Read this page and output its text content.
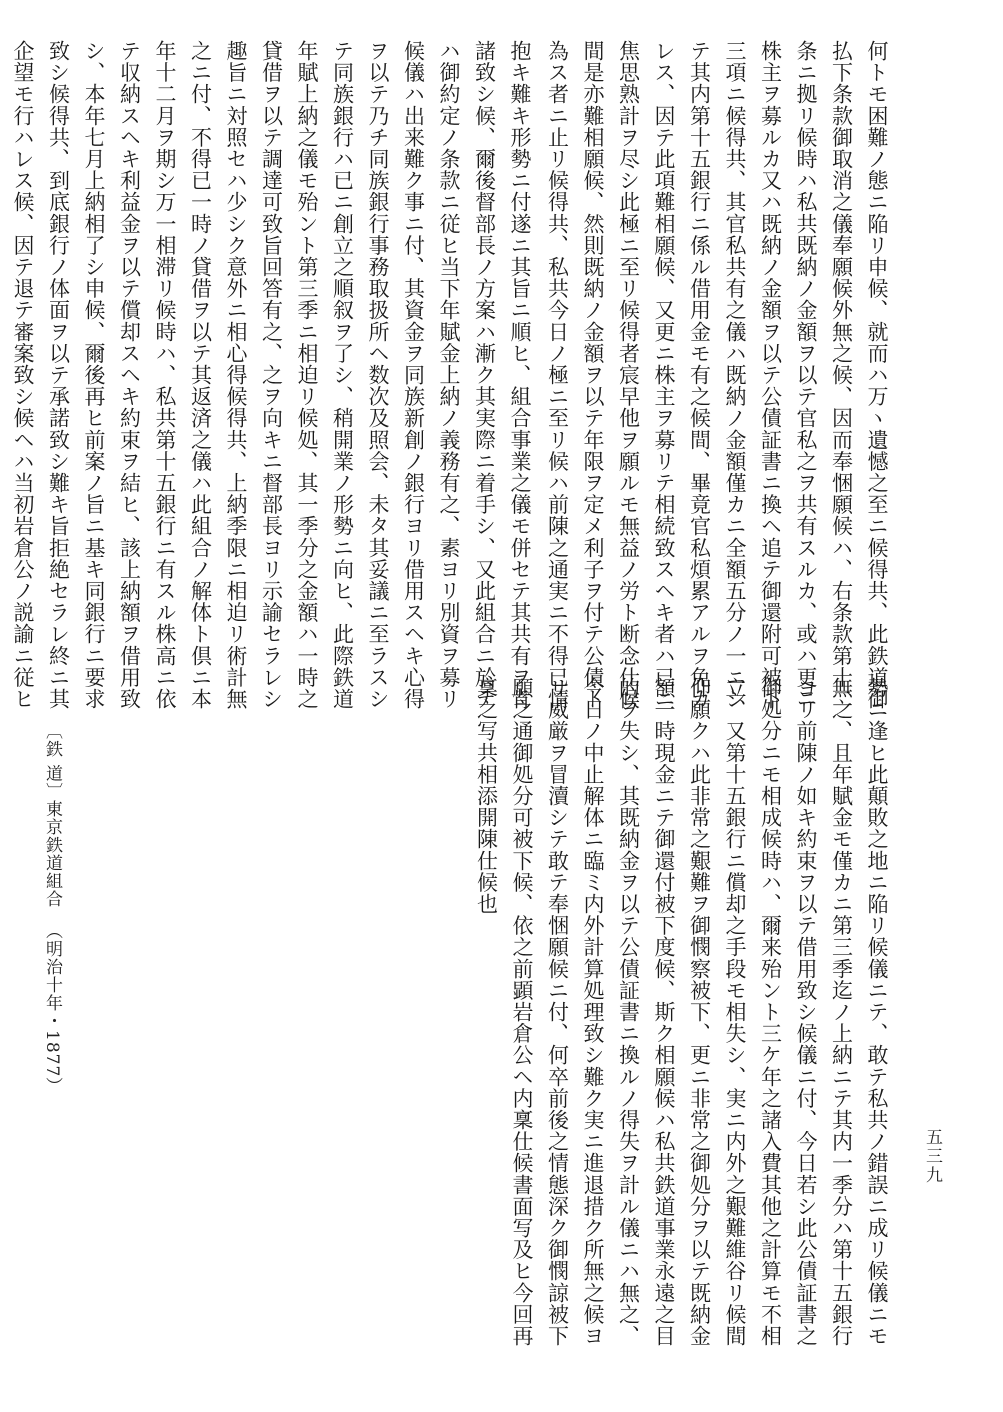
〔鉄 道〕
東京鉄道組合
（明治十年・1877）
五三九
何トモ困難ノ態ニ陥リ申候、就而ハ万ヽ遺憾之至ニ候得共、此鉄道御
払下条款御取消之儀奉願候外無之候、因而奉悃願候ハ、右条款第十二
条ニ拠リ候時ハ私共既納ノ金額ヲ以テ官私之ヲ共有スルカ、或ハ更ニ
株主ヲ募ルカ又ハ既納ノ金額ヲ以テ公債証書ニ換ヘ追テ御還附可被下
三項ニ候得共、其官私共有之儀ハ既納ノ金額僅カニ全額五分ノ一ニシ
テ其内第十五銀行ニ係ル借用金モ有之候間、畢竟官私煩累アルヲ免カ
レス、因テ此項難相願候、又更ニ株主ヲ募リテ相続致スヘキ者ハ已ニ
焦思熟計ヲ尽シ此極ニ至リ候得者宸早他ヲ願ルモ無益ノ労ト断念仕候
間是亦難相願候、然則既納ノ金額ヲ以テ年限ヲ定メ利子ヲ付テ公債ト
為ス者ニ止リ候得共、私共今日ノ極ニ至リ候ハ前陳之通実ニ不得已情
抱キ難キ形勢ニ付遂ニ其旨ニ順ヒ、組合事業之儀モ併セテ其共有ヲ肯
諸致シ候、爾後督部長ノ方案ハ漸ク其実際ニ着手シ、又此組合ニ於テ
ハ御約定ノ条款ニ従ヒ当下年賦金上納ノ義務有之、素ヨリ別資ヲ募リ
候儀ハ出来難ク事ニ付、其資金ヲ同族新創ノ銀行ヨリ借用スヘキ心得
ヲ以テ乃チ同族銀行事務取扱所ヘ数次及照会、未タ其妥議ニ至ラスシ
テ同族銀行ハ已ニ創立之順叙ヲ了シ、稍開業ノ形勢ニ向ヒ、此際鉄道
年賦上納之儀モ殆ント第三季ニ相迫リ候処、其一季分之金額ハ一時之
貸借ヲ以テ調達可致旨回答有之、之ヲ向キニ督部長ヨリ示諭セラレシ
趣旨ニ対照セハ少シク意外ニ相心得候得共、上納季限ニ相迫リ術計無
之ニ付、不得已一時ノ貸借ヲ以テ其返済之儀ハ此組合ノ解体ト倶ニ本
年十二月ヲ期シ万一相滞リ候時ハ、私共第十五銀行ニ有スル株高ニ依
テ収納スヘキ利益金ヲ以テ償却スヘキ約束ヲ結ヒ、該上納額ヲ借用致
シ、本年七月上納相了シ申候、爾後再ヒ前案ノ旨ニ基キ同銀行ニ要求
致シ候得共、到底銀行ノ体面ヲ以テ承諾致シ難キ旨拒絶セラレ終ニ其
企望モ行ハレス候、因テ退テ審案致シ候ヘハ当初岩倉公ノ説諭ニ従ヒ
勢ニ逢ヒ此顛敗之地ニ陥リ候儀ニテ、敢テ私共ノ錯誤ニ成リ候儀ニモ
無之、且年賦金モ僅カニ第三季迄ノ上納ニテ其内一季分ハ第十五銀行
ヨリ前陳ノ如キ約束ヲ以テ借用致シ候儀ニ付、今日若シ此公債証書之
御処分ニモ相成候時ハ、爾来殆ント三ケ年之諸入費其他之計算モ不相
立、又第十五銀行ニ償却之手段モ相失シ、実ニ内外之艱難維谷リ候間
仰願クハ此非常之艱難ヲ御憫察被下、更ニ非常之御処分ヲ以テ既納金
額一時現金ニテ御還付被下度候、斯ク相願候ハ私共鉄道事業永遠之目
的ヲ失シ、其既納金ヲ以テ公債証書ニ換ルノ得失ヲ計ル儀ニハ無之、
今日ノ中止解体ニ臨ミ内外計算処理致シ難ク実ニ進退措ク所無之候ヨ
リ威厳ヲ冒瀆シテ敢テ奉悃願候ニ付、何卒前後之情態深ク御憫諒被下
願之通御処分可被下候、依之前顕岩倉公ヘ内稟仕候書面写及ヒ今回再
稟之写共相添開陳仕候也
